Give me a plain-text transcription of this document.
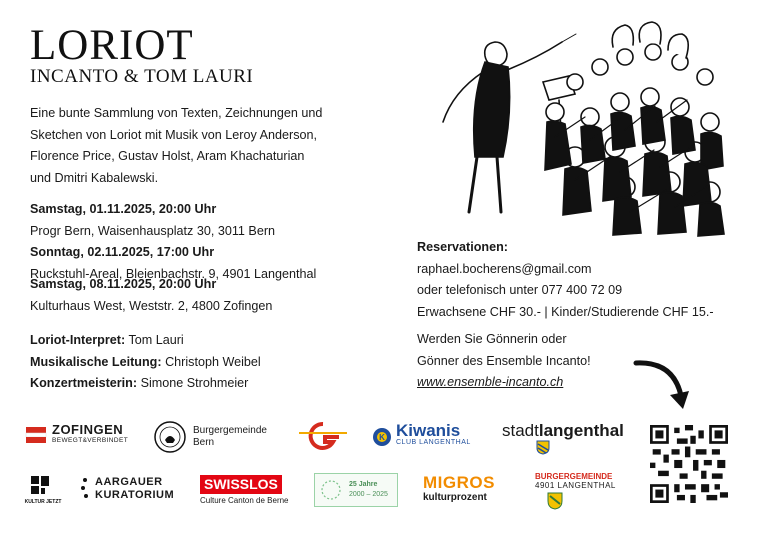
LORIOT
INCANTO & TOM LAURI
Eine bunte Sammlung von Texten, Zeichnungen und
Sketchen von Loriot mit Musik von Leroy Anderson,
Florence Price, Gustav Holst, Aram Khachaturian
und Dmitri Kabalewski.
Samstag, 01.11.2025, 20:00 Uhr
Progr Bern, Waisenhausplatz 30, 3011 Bern
Sonntag, 02.11.2025, 17:00 Uhr
Ruckstuhl-Areal, Bleienbachstr. 9, 4901 Langenthal
Samstag, 08.11.2025, 20:00 Uhr
Kulturhaus West, Weststr. 2, 4800 Zofingen
Loriot-Interpret: Tom Lauri
Musikalische Leitung: Christoph Weibel
Konzertmeisterin: Simone Strohmeier
Reservationen:
raphael.bocherens@gmail.com
oder telefonisch unter 077 400 72 09
Erwachsene CHF 30.- | Kinder/Studierende CHF 15.-
Werden Sie Gönnerin oder
Gönner des Ensemble Incanto!
www.ensemble-incanto.ch
ZOFINGEN
BEWEGT&VERBINDET
Burgergemeinde
Bern	K Kiwanis
CLUB LANGENTHAL
stadtlangenthal
KULTUR JETZT
AARGAUER
KURATORIUM
SWISSLOS
Culture Canton de Berne
25 Jahre
2000 – 2025
MIGROS
kulturprozent
BURGERGEMEINDE
4901 LANGENTHAL
